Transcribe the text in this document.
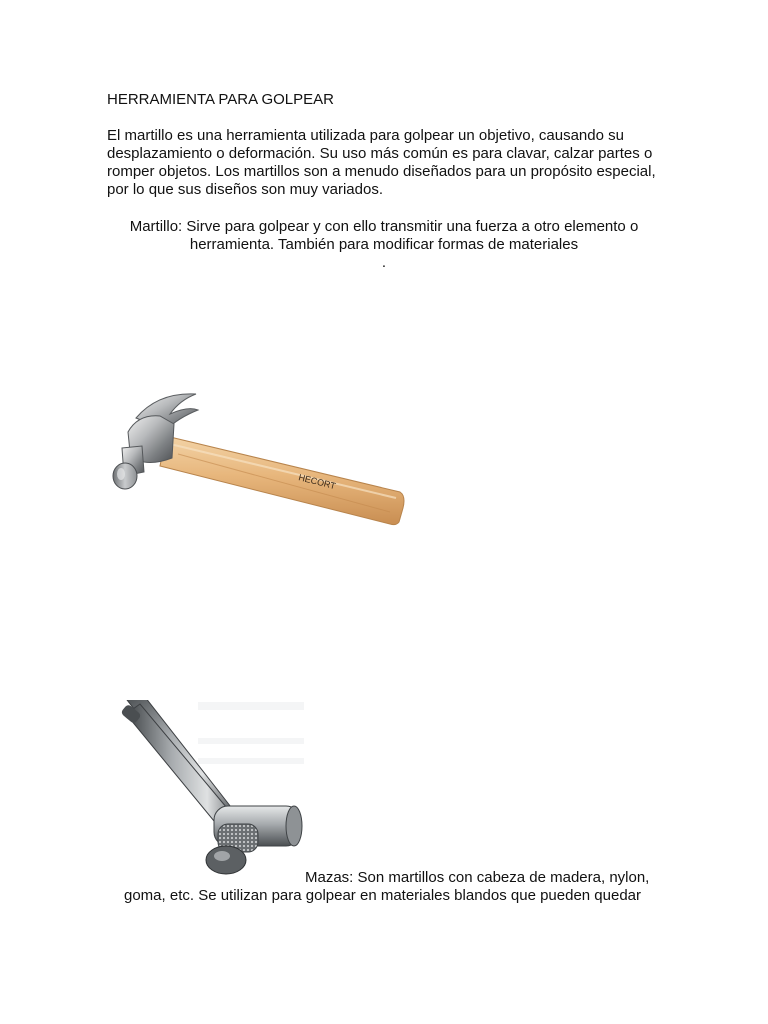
HERRAMIENTA PARA GOLPEAR
El martillo es una herramienta utilizada para golpear un objetivo, causando su
desplazamiento o deformación. Su uso más común es para clavar, calzar partes o
romper objetos. Los martillos son a menudo diseñados para un propósito especial,
por lo que sus diseños son muy variados.
Martillo: Sirve para golpear y con ello transmitir una fuerza a otro elemento o
herramienta. También para modificar formas de materiales
.
HECORT
Mazas: Son martillos con cabeza de madera, nylon,
goma, etc. Se utilizan para golpear en materiales blandos que pueden quedar
